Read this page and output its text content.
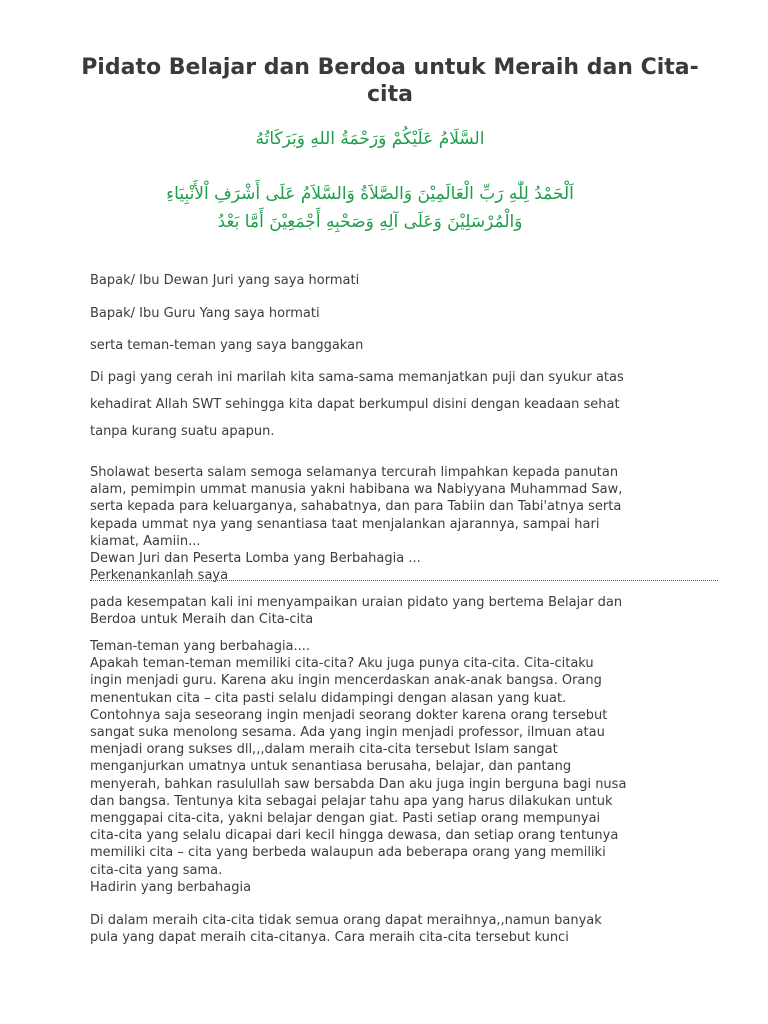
Pidato Belajar dan Berdoa untuk Meraih dan Cita-cita
السَّلَامُ عَلَيْكُمْ وَرَحْمَةُ اللهِ وَبَرَكَاتُهُ
اَلْحَمْدُ لِلّٰهِ رَبِّ الْعَالَمِيْنَ وَالصَّلاَةُ وَالسَّلاَمُ عَلَى أَشْرَفِ اْلأَنْبِيَاءِ
وَالْمُرْسَلِيْنَ وَعَلَى آلِهِ وَصَحْبِهِ أَجْمَعِيْنَ أَمَّا بَعْدُ
Bapak/ Ibu Dewan Juri yang saya hormati
Bapak/ Ibu Guru Yang saya hormati
serta teman-teman yang saya banggakan
Di pagi yang cerah ini marilah kita sama-sama memanjatkan puji dan syukur atas
kehadirat Allah SWT sehingga kita dapat berkumpul disini dengan keadaan sehat
tanpa kurang suatu apapun.
Sholawat beserta salam semoga selamanya tercurah limpahkan kepada panutan
alam, pemimpin ummat manusia yakni habibana wa Nabiyyana Muhammad Saw,
serta kepada para keluarganya, sahabatnya, dan para Tabiin dan Tabi'atnya serta
kepada ummat nya yang senantiasa taat menjalankan ajarannya, sampai hari
kiamat, Aamiin...
Dewan Juri dan Peserta Lomba yang Berbahagia ...
Perkenankanlah saya
pada kesempatan kali ini menyampaikan uraian pidato yang bertema Belajar dan
Berdoa untuk Meraih dan Cita-cita
Teman-teman yang berbahagia....
Apakah teman-teman memiliki cita-cita? Aku juga punya cita-cita. Cita-citaku
ingin menjadi guru. Karena aku ingin mencerdaskan anak-anak bangsa. Orang
menentukan cita – cita pasti selalu didampingi dengan alasan yang kuat.
Contohnya saja seseorang ingin menjadi seorang dokter karena orang tersebut
sangat suka menolong sesama. Ada yang ingin menjadi professor, ilmuan atau
menjadi orang sukses dll,,,dalam meraih cita-cita tersebut Islam sangat
menganjurkan umatnya untuk senantiasa berusaha, belajar, dan pantang
menyerah, bahkan rasulullah saw bersabda Dan aku juga ingin berguna bagi nusa
dan bangsa. Tentunya kita sebagai pelajar tahu apa yang harus dilakukan untuk
menggapai cita-cita, yakni belajar dengan giat. Pasti setiap orang mempunyai
cita-cita yang selalu dicapai dari kecil hingga dewasa, dan setiap orang tentunya
memiliki cita – cita yang berbeda walaupun ada beberapa orang yang memiliki
cita-cita yang sama.
Hadirin yang berbahagia
Di dalam meraih cita-cita tidak semua orang dapat meraihnya,,namun banyak
pula yang dapat meraih cita-citanya. Cara meraih cita-cita tersebut kunci
